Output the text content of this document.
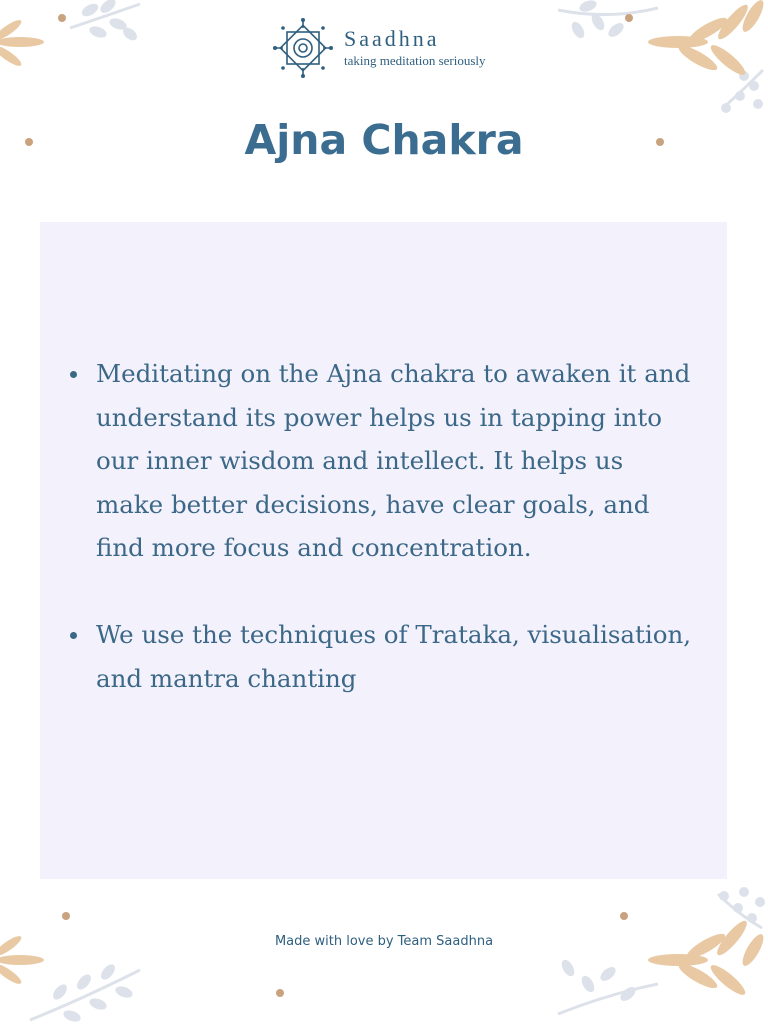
Saadhna
taking meditation seriously
Ajna Chakra
Meditating on the Ajna chakra to awaken it and understand its power helps us in tapping into our inner wisdom and intellect. It helps us make better decisions, have clear goals, and find more focus and concentration.
We use the techniques of Trataka, visualisation, and mantra chanting
Made with love by Team Saadhna
